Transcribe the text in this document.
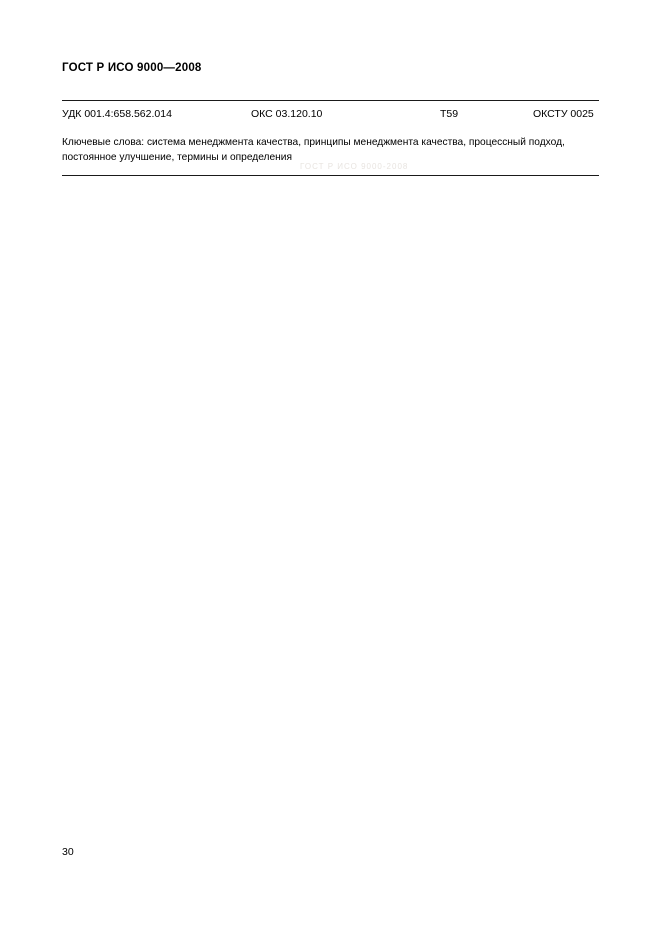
ГОСТ Р ИСО 9000—2008
УДК 001.4:658.562.014	ОКС 03.120.10	Т59	ОКСТУ 0025
Ключевые слова: система менеджмента качества, принципы менеджмента качества, процессный подход,
постоянное улучшение, термины и определения
ГОСТ Р ИСО 9000-2008
30
